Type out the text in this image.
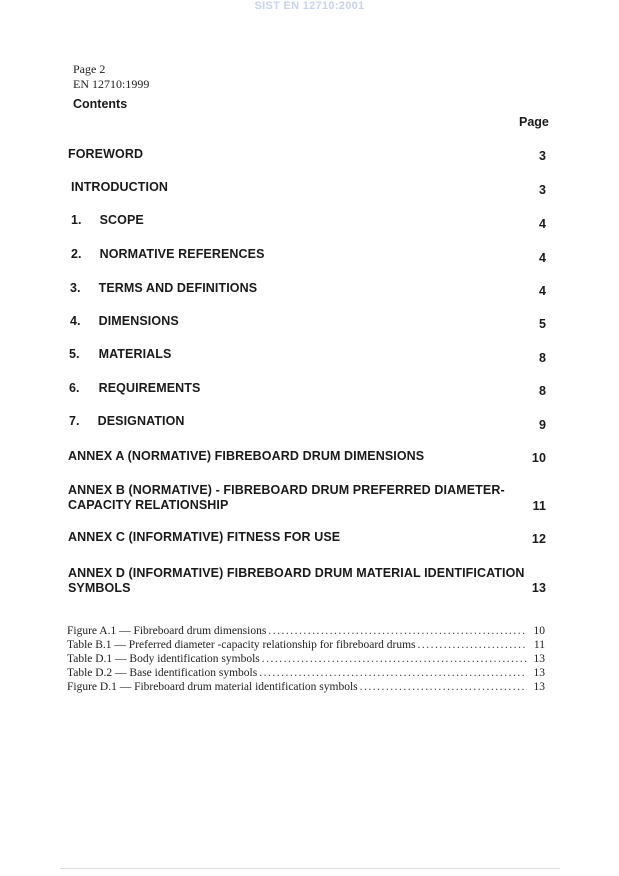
SIST EN 12710:2001
Page 2
EN 12710:1999
Contents
Page
FOREWORD	3
INTRODUCTION	3
1. SCOPE	4
2. NORMATIVE REFERENCES	4
3. TERMS AND DEFINITIONS	4
4. DIMENSIONS	5
5. MATERIALS	8
6. REQUIREMENTS	8
7. DESIGNATION	9
ANNEX A (NORMATIVE) FIBREBOARD DRUM DIMENSIONS	10
ANNEX B (NORMATIVE) - FIBREBOARD DRUM PREFERRED DIAMETER-CAPACITY RELATIONSHIP	11
ANNEX C (INFORMATIVE) FITNESS FOR USE	12
ANNEX D (INFORMATIVE) FIBREBOARD DRUM MATERIAL IDENTIFICATION SYMBOLS	13
Figure A.1 — Fibreboard drum dimensions .....	10
Table B.1 — Preferred diameter -capacity relationship for fibreboard drums .....	11
Table D.1 — Body identification symbols .....	13
Table D.2 — Base identification symbols .....	13
Figure D.1 — Fibreboard drum material identification symbols .....	13
